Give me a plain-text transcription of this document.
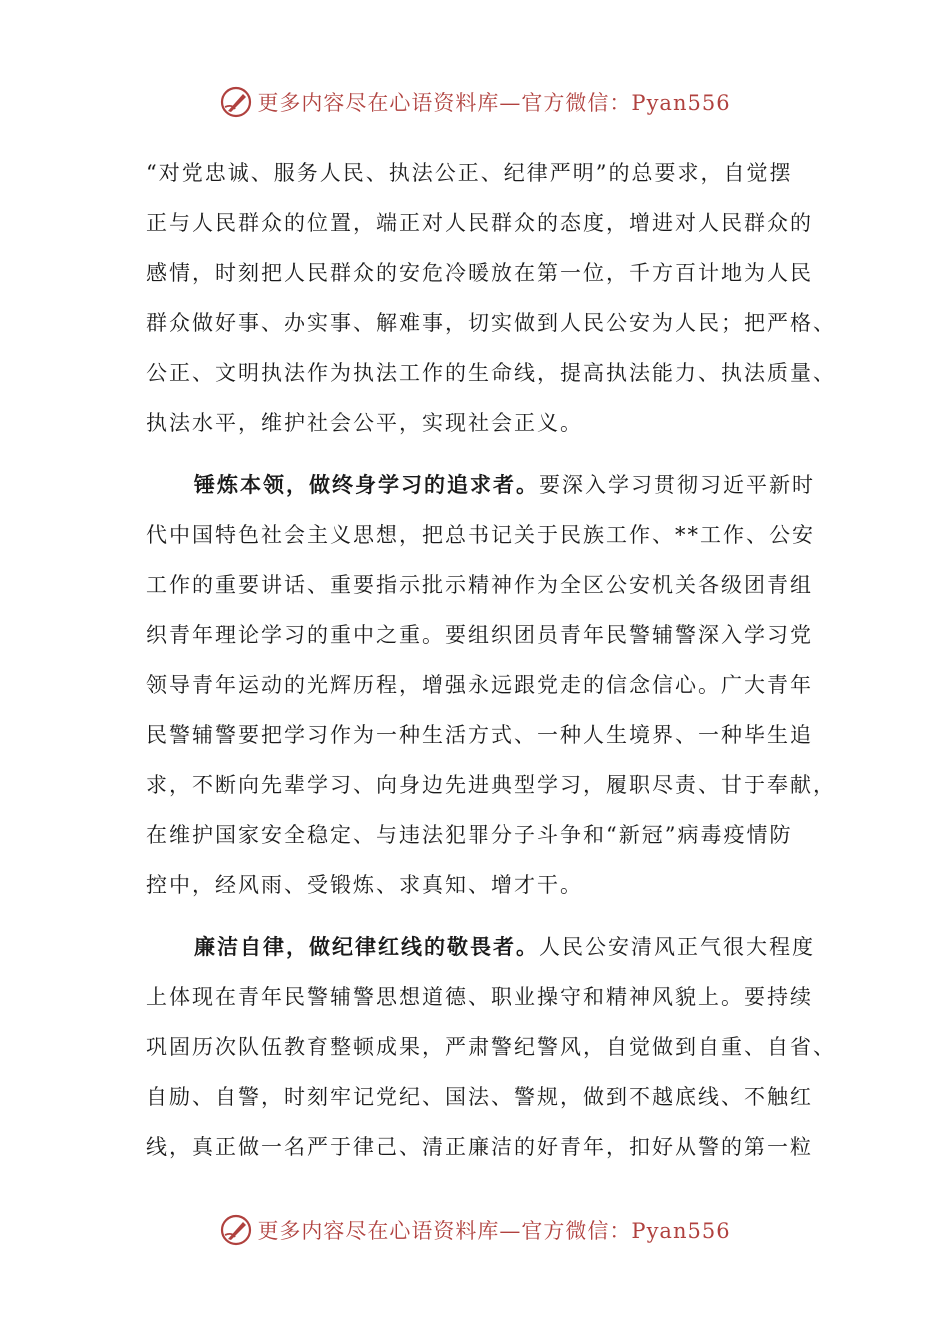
更多内容尽在心语资料库—官方微信：Pyan556
“对党忠诚、服务人民、执法公正、纪律严明”的总要求，自觉摆
正与人民群众的位置，端正对人民群众的态度，增进对人民群众的
感情，时刻把人民群众的安危冷暖放在第一位，千方百计地为人民
群众做好事、办实事、解难事，切实做到人民公安为人民；把严格、
公正、文明执法作为执法工作的生命线，提高执法能力、执法质量、
执法水平，维护社会公平，实现社会正义。
锤炼本领，做终身学习的追求者。要深入学习贯彻习近平新时
代中国特色社会主义思想，把总书记关于民族工作、**工作、公安
工作的重要讲话、重要指示批示精神作为全区公安机关各级团青组
织青年理论学习的重中之重。要组织团员青年民警辅警深入学习党
领导青年运动的光辉历程，增强永远跟党走的信念信心。广大青年
民警辅警要把学习作为一种生活方式、一种人生境界、一种毕生追
求，不断向先辈学习、向身边先进典型学习，履职尽责、甘于奉献，
在维护国家安全稳定、与违法犯罪分子斗争和“新冠”病毒疫情防
控中，经风雨、受锻炼、求真知、增才干。
廉洁自律，做纪律红线的敬畏者。人民公安清风正气很大程度
上体现在青年民警辅警思想道德、职业操守和精神风貌上。要持续
巩固历次队伍教育整顿成果，严肃警纪警风，自觉做到自重、自省、
自励、自警，时刻牢记党纪、国法、警规，做到不越底线、不触红
线，真正做一名严于律己、清正廉洁的好青年，扣好从警的第一粒
更多内容尽在心语资料库—官方微信：Pyan556
